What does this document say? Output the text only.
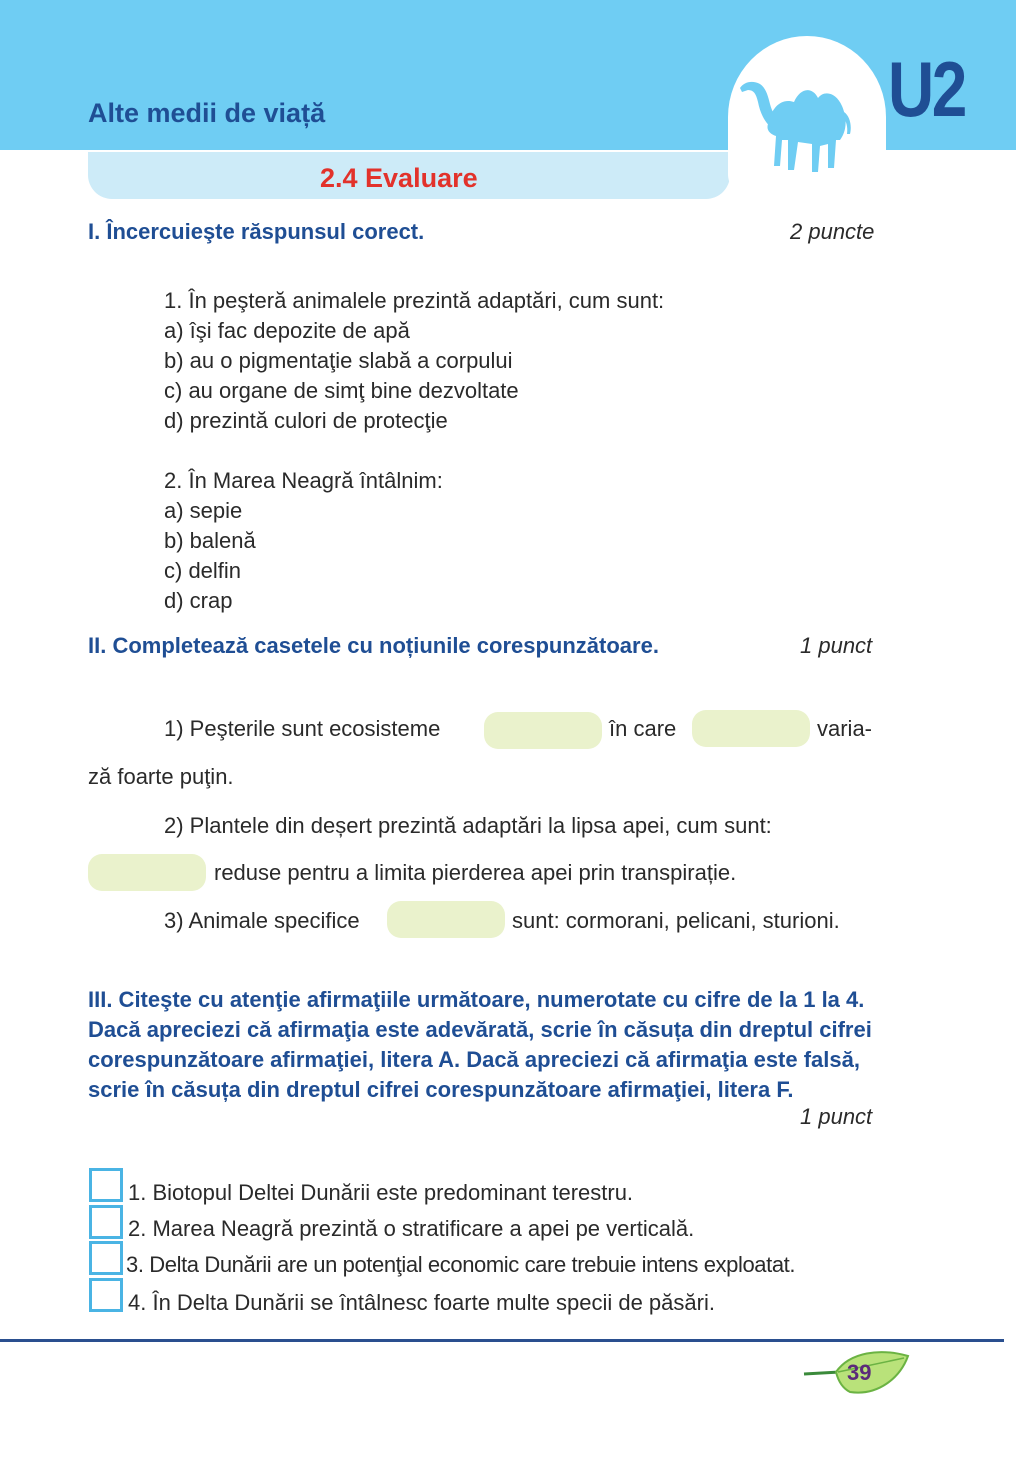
Alte medii de viață
2.4 Evaluare
U2
I. Încercuieşte răspunsul corect.	2 puncte
1. În peşteră animalele prezintă adaptări, cum sunt:
a) îşi fac depozite de apă
b) au o pigmentaţie slabă a corpului
c) au organe de simţ bine dezvoltate
d) prezintă culori de protecţie
2. În Marea Neagră întâlnim:
a) sepie
b) balenă
c) delfin
d) crap
II. Completează casetele cu noțiunile corespunzătoare.	1 punct
1) Peşterile sunt ecosisteme	în care	varia-
ză foarte puţin.
2) Plantele din deșert prezintă adaptări la lipsa apei, cum sunt:
reduse pentru a limita pierderea apei prin transpirație.
3) Animale specifice	sunt: cormorani, pelicani, sturioni.
III. Citeşte cu atenţie afirmaţiile următoare, numerotate cu cifre de la 1 la 4. Dacă apreciezi că afirmaţia este adevărată, scrie în căsuța din dreptul cifrei corespunzătoare afirmaţiei, litera A. Dacă apreciezi că afirmaţia este falsă, scrie în căsuța din dreptul cifrei corespunzătoare afirmaţiei, litera F.
1 punct
1. Biotopul Deltei Dunării este predominant terestru.
2. Marea Neagră prezintă o stratificare a apei pe verticală.
3. Delta Dunării are un potenţial economic care trebuie intens exploatat.
4. În Delta Dunării se întâlnesc foarte multe specii de păsări.
39
